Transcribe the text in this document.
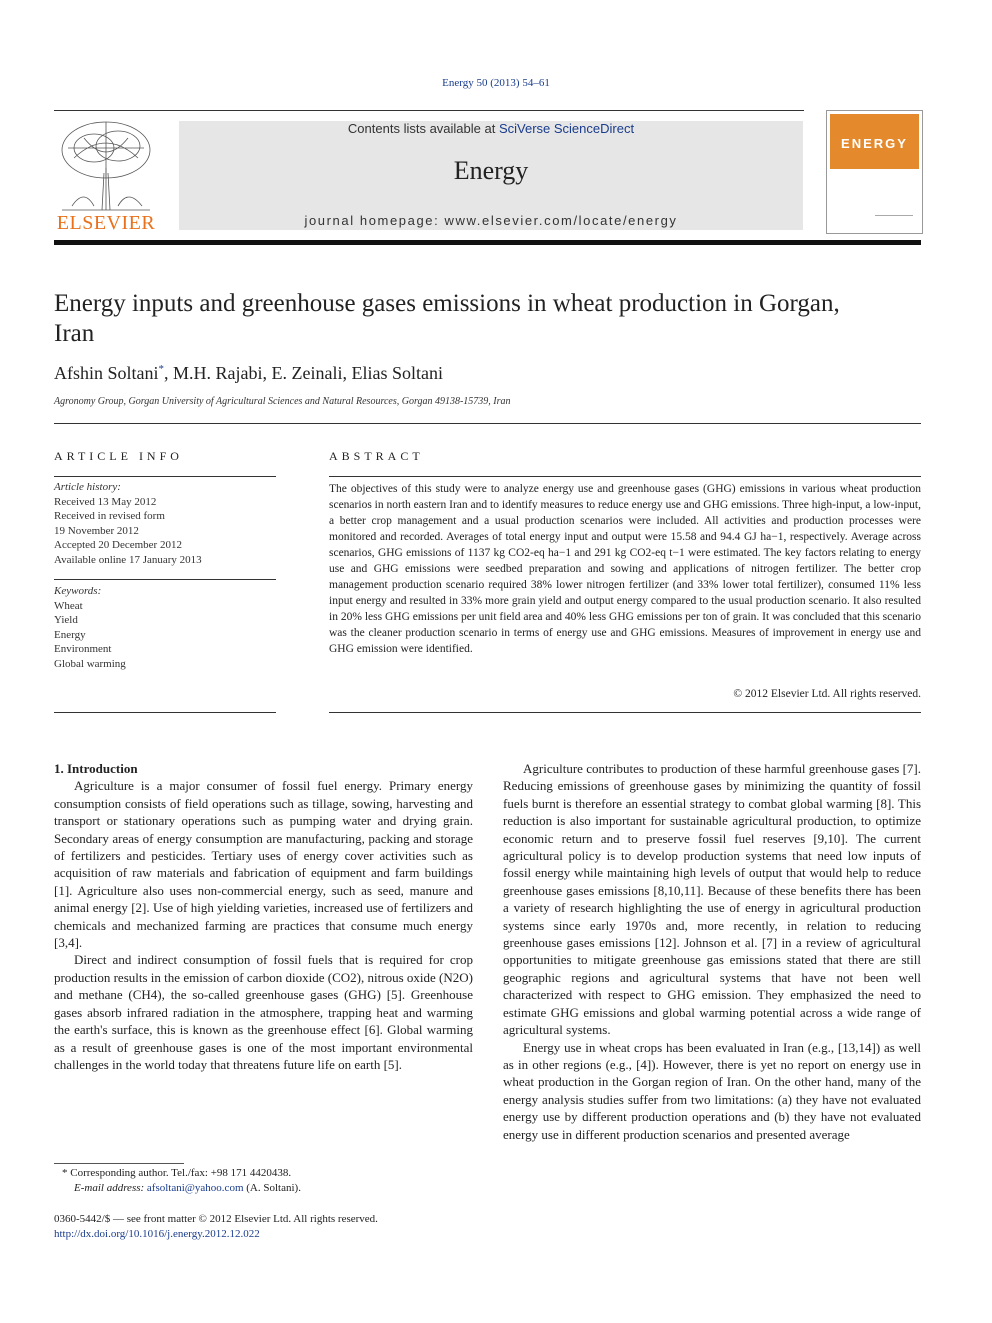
Energy 50 (2013) 54–61
ELSEVIER
Contents lists available at SciVerse ScienceDirect
Energy
journal homepage: www.elsevier.com/locate/energy
ENERGY
Energy inputs and greenhouse gases emissions in wheat production in Gorgan, Iran
Afshin Soltani*, M.H. Rajabi, E. Zeinali, Elias Soltani
Agronomy Group, Gorgan University of Agricultural Sciences and Natural Resources, Gorgan 49138-15739, Iran
ARTICLE INFO
Article history:
Received 13 May 2012
Received in revised form
19 November 2012
Accepted 20 December 2012
Available online 17 January 2013
Keywords:
Wheat
Yield
Energy
Environment
Global warming
ABSTRACT
The objectives of this study were to analyze energy use and greenhouse gases (GHG) emissions in various wheat production scenarios in north eastern Iran and to identify measures to reduce energy use and GHG emissions. Three high-input, a low-input, a better crop management and a usual production scenarios were included. All activities and production processes were monitored and recorded. Averages of total energy input and output were 15.58 and 94.4 GJ ha−1, respectively. Average across scenarios, GHG emissions of 1137 kg CO2-eq ha−1 and 291 kg CO2-eq t−1 were estimated. The key factors relating to energy use and GHG emissions were seedbed preparation and sowing and applications of nitrogen fertilizer. The better crop management production scenario required 38% lower nitrogen fertilizer (and 33% lower total fertilizer), consumed 11% less input energy and resulted in 33% more grain yield and output energy compared to the usual production scenario. It also resulted in 20% less GHG emissions per unit field area and 40% less GHG emissions per ton of grain. It was concluded that this scenario was the cleaner production scenario in terms of energy use and GHG emissions. Measures of improvement in energy use and GHG emission were identified.
© 2012 Elsevier Ltd. All rights reserved.

1. Introduction

Agriculture is a major consumer of fossil fuel energy. Primary energy consumption consists of field operations such as tillage, sowing, harvesting and transport or stationary operations such as pumping water and drying grain. Secondary areas of energy consumption are manufacturing, packing and storage of fertilizers and pesticides. Tertiary uses of energy cover activities such as acquisition of raw materials and fabrication of equipment and farm buildings [1]. Agriculture also uses non-commercial energy, such as seed, manure and animal energy [2]. Use of high yielding varieties, increased use of fertilizers and chemicals and mechanized farming are practices that consume much energy [3,4].

Direct and indirect consumption of fossil fuels that is required for crop production results in the emission of carbon dioxide (CO2), nitrous oxide (N2O) and methane (CH4), the so-called greenhouse gases (GHG) [5]. Greenhouse gases absorb infrared radiation in the atmosphere, trapping heat and warming the earth's surface, this is known as the greenhouse effect [6]. Global warming as a result of greenhouse gases is one of the most important environmental challenges in the world today that threatens future life on earth [5].

Agriculture contributes to production of these harmful greenhouse gases [7]. Reducing emissions of greenhouse gases by minimizing the quantity of fossil fuels burnt is therefore an essential strategy to combat global warming [8]. This reduction is also important for sustainable agricultural production, to optimize economic return and to preserve fossil fuel reserves [9,10]. The current agricultural policy is to develop production systems that need low inputs of fossil energy while maintaining high levels of output that would help to reduce greenhouse gases emissions [8,10,11]. Because of these benefits there has been a variety of research highlighting the use of energy in agricultural production systems since early 1970s and, more recently, in relation to reducing greenhouse gases emissions [12]. Johnson et al. [7] in a review of agricultural opportunities to mitigate greenhouse gas emissions stated that there are still geographic regions and agricultural systems that have not been well characterized with respect to GHG emission. They emphasized the need to estimate GHG emissions and global warming potential across a wide range of agricultural systems.

Energy use in wheat crops has been evaluated in Iran (e.g., [13,14]) as well as in other regions (e.g., [4]). However, there is yet no report on energy use in wheat production in the Gorgan region of Iran. On the other hand, many of the energy analysis studies suffer from two limitations: (a) they have not evaluated energy use by different production operations and (b) they have not evaluated energy use in different production scenarios and presented average

* Corresponding author. Tel./fax: +98 171 4420438.
E-mail address: afsoltani@yahoo.com (A. Soltani).
0360-5442/$ — see front matter © 2012 Elsevier Ltd. All rights reserved.
http://dx.doi.org/10.1016/j.energy.2012.12.022
